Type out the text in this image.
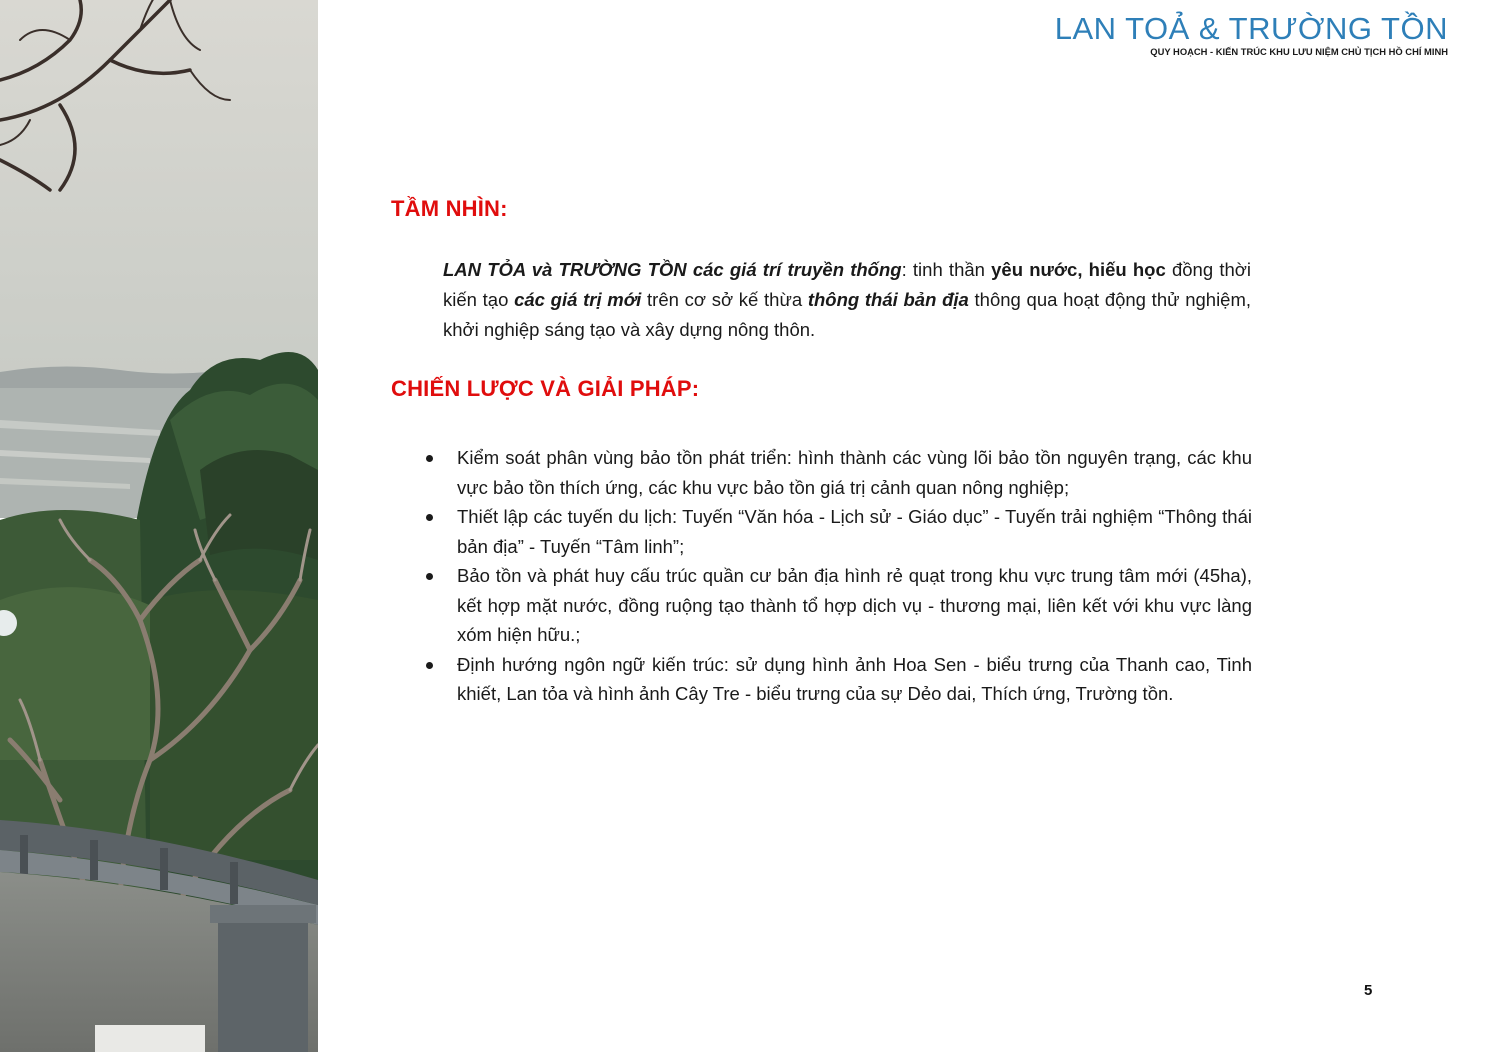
LAN TOẢ & TRƯỜNG TỒN
QUY HOẠCH - KIẾN TRÚC KHU LƯU NIỆM CHỦ TỊCH HỒ CHÍ MINH
TẦM NHÌN:

LAN TỎA và TRƯỜNG TỒN các giá trí truyền thống: tinh thần yêu nước, hiếu học đồng thời kiến tạo các giá trị mới trên cơ sở kế thừa thông thái bản địa thông qua hoạt động thử nghiệm, khởi nghiệp sáng tạo và xây dựng nông thôn.

CHIẾN LƯỢC VÀ GIẢI PHÁP:
Kiểm soát phân vùng bảo tồn phát triển: hình thành các vùng lõi bảo tồn nguyên trạng, các khu vực bảo tồn thích ứng, các khu vực bảo tồn giá trị cảnh quan nông nghiệp;
Thiết lập các tuyến du lịch: Tuyến “Văn hóa - Lịch sử - Giáo dục” - Tuyến trải nghiệm “Thông thái bản địa” - Tuyến “Tâm linh”;
Bảo tồn và phát huy cấu trúc quần cư bản địa hình rẻ quạt trong khu vực trung tâm mới (45ha), kết hợp mặt nước, đồng ruộng tạo thành tổ hợp dịch vụ - thương mại, liên kết với khu vực làng xóm hiện hữu.;
Định hướng ngôn ngữ kiến trúc: sử dụng hình ảnh Hoa Sen - biểu trưng của Thanh cao, Tinh khiết, Lan tỏa và hình ảnh Cây Tre - biểu trưng của sự Dẻo dai, Thích ứng, Trường tồn.
5
